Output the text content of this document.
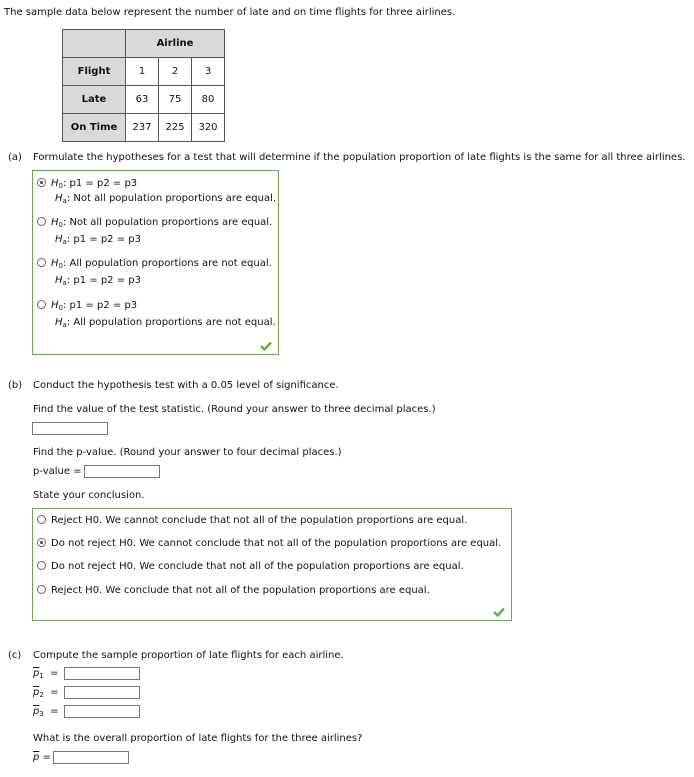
The sample data below represent the number of late and on time flights for three airlines.
	Airline		
Flight	1	2	3
Late	63	75	80
On Time	237	225	320
(a) Formulate the hypotheses for a test that will determine if the population proportion of late flights is the same for all three airlines.
$H_0$: p1 = p2 = p3
$H_a$: Not all population proportions are equal.
$H_0$: Not all population proportions are equal.
$H_a$: p1 = p2 = p3
$H_0$: All population proportions are not equal.
$H_a$: p1 = p2 = p3
$H_0$: p1 = p2 = p3
$H_a$: All population proportions are not equal.
(b) Conduct the hypothesis test with a 0.05 level of significance.
Find the value of the test statistic. (Round your answer to three decimal places.)
Find the p-value. (Round your answer to four decimal places.)
p-value =
State your conclusion.
Reject H0. We cannot conclude that not all of the population proportions are equal.
Do not reject H0. We cannot conclude that not all of the population proportions are equal.
Do not reject H0. We conclude that not all of the population proportions are equal.
Reject H0. We conclude that not all of the population proportions are equal.
(c) Compute the sample proportion of late flights for each airline.
$\overline{p}_1$  =
$\overline{p}_2$  =
$\overline{p}_3$  =
What is the overall proportion of late flights for the three airlines?
$\overline{p}$ =
